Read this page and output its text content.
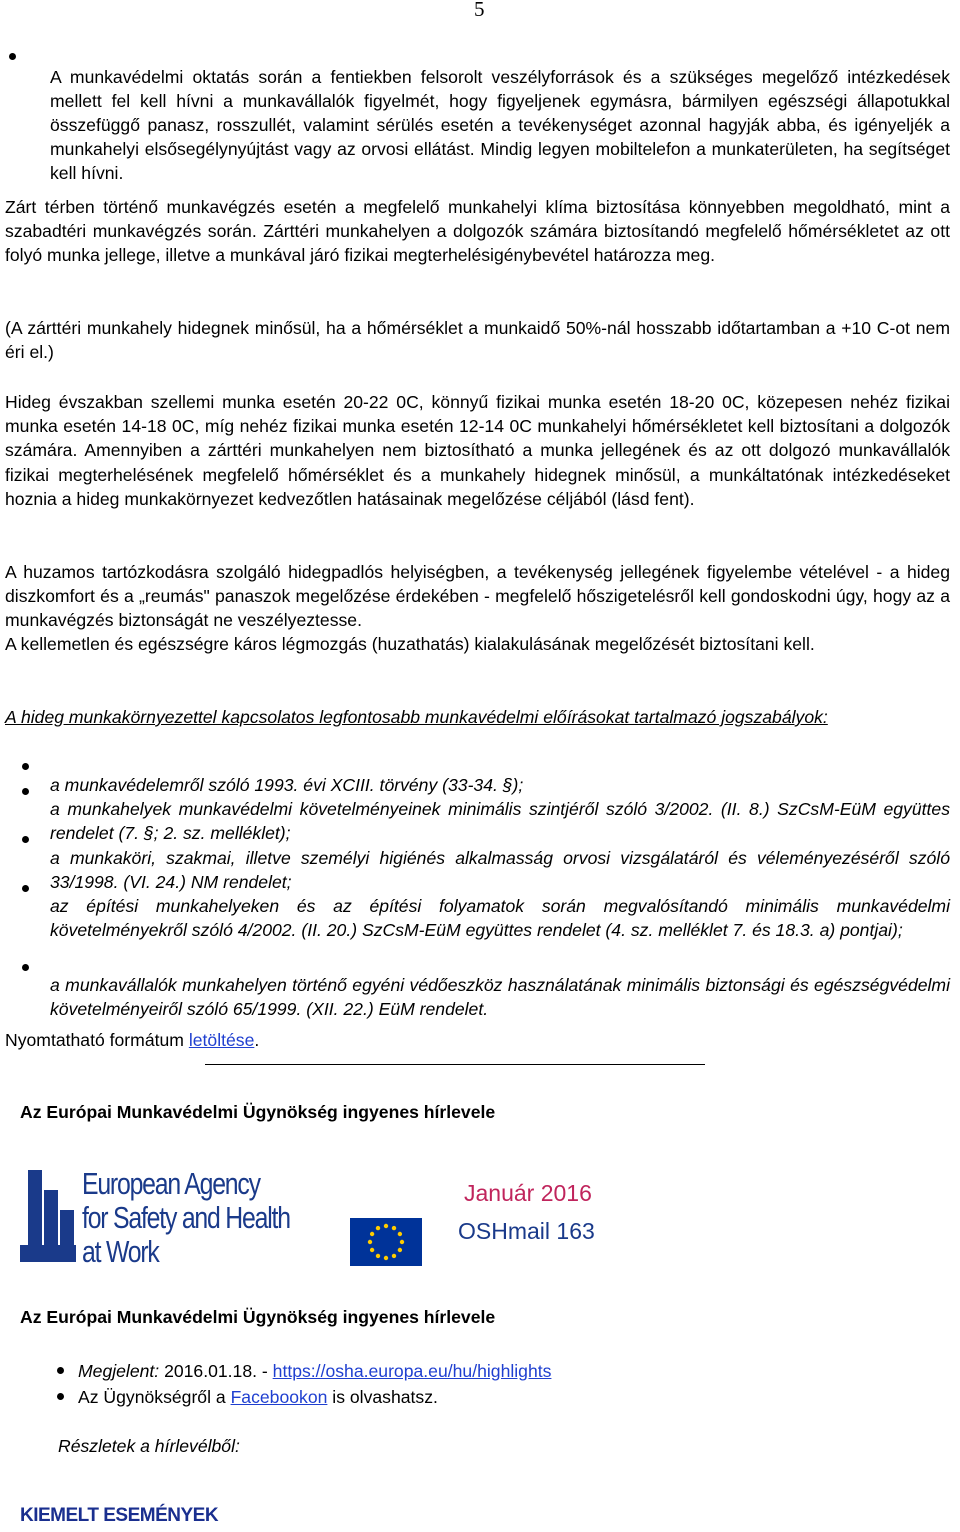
5

A munkavédelmi oktatás során a fentiekben felsorolt veszélyforrások és a szükséges megelőző intézkedések mellett fel kell hívni a munkavállalók figyelmét, hogy figyeljenek egymásra, bármilyen egészségi állapotukkal összefüggő panasz, rosszullét, valamint sérülés esetén a tevékenységet azonnal hagyják abba, és igényeljék a munkahelyi elsősegélynyújtást vagy az orvosi ellátást. Mindig legyen mobiltelefon a munkaterületen, ha segítséget kell hívni.

Zárt térben történő munkavégzés esetén a megfelelő munkahelyi klíma biztosítása könnyebben megoldható, mint a szabadtéri munkavégzés során. Zárttéri munkahelyen a dolgozók számára biztosítandó megfelelő hőmérsékletet az ott folyó munka jellege, illetve a munkával járó fizikai megterhelésigénybevétel határozza meg.

(A zárttéri munkahely hidegnek minősül, ha a hőmérséklet a munkaidő 50%-nál hosszabb időtartamban a +10 C-ot nem éri el.)

Hideg évszakban szellemi munka esetén 20-22 0C, könnyű fizikai munka esetén 18-20 0C, közepesen nehéz fizikai munka esetén 14-18 0C, míg nehéz fizikai munka esetén 12-14 0C munkahelyi hőmérsékletet kell biztosítani a dolgozók számára. Amennyiben a zárttéri munkahelyen nem biztosítható a munka jellegének és az ott dolgozó munkavállalók fizikai megterhelésének megfelelő hőmérséklet és a munkahely hidegnek minősül, a munkáltatónak intézkedéseket hoznia a hideg munkakörnyezet kedvezőtlen hatásainak megelőzése céljából (lásd fent).

A huzamos tartózkodásra szolgáló hidegpadlós helyiségben, a tevékenység jellegének figyelembe vételével - a hideg diszkomfort és a „reumás" panaszok megelőzése érdekében - megfelelő hőszigetelésről kell gondoskodni úgy, hogy az a munkavégzés biztonságát ne veszélyeztesse.

A kellemetlen és egészségre káros légmozgás (huzathatás) kialakulásának megelőzését biztosítani kell.

A hideg munkakörnyezettel kapcsolatos legfontosabb munkavédelmi előírásokat tartalmazó jogszabályok:

a munkavédelemről szóló 1993. évi XCIII. törvény (33-34. §);

a munkahelyek munkavédelmi követelményeinek minimális szintjéről szóló 3/2002. (II. 8.) SzCsM-EüM együttes rendelet (7. §; 2. sz. melléklet);

a munkaköri, szakmai, illetve személyi higiénés alkalmasság orvosi vizsgálatáról és véleményezéséről szóló 33/1998. (VI. 24.) NM rendelet;

az építési munkahelyeken és az építési folyamatok során megvalósítandó minimális munkavédelmi követelményekről szóló 4/2002. (II. 20.) SzCsM-EüM együttes rendelet (4. sz. melléklet 7. és 18.3. a) pontjai);

a munkavállalók munkahelyen történő egyéni védőeszköz használatának minimális biztonsági és egészségvédelmi követelményeiről szóló 65/1999. (XII. 22.) EüM rendelet.

Nyomtatható formátum letöltése.

Az Európai Munkavédelmi Ügynökség ingyenes hírlevele

European Agency
for Safety and Health
at Work
Január 2016
OSHmail 163

Az Európai Munkavédelmi Ügynökség ingyenes hírlevele

Megjelent: 2016.01.18. - https://osha.europa.eu/hu/highlights

Az Ügynökségről a Facebookon is olvashatsz.

Részletek a hírlevélből:

KIEMELT ESEMÉNYEK
